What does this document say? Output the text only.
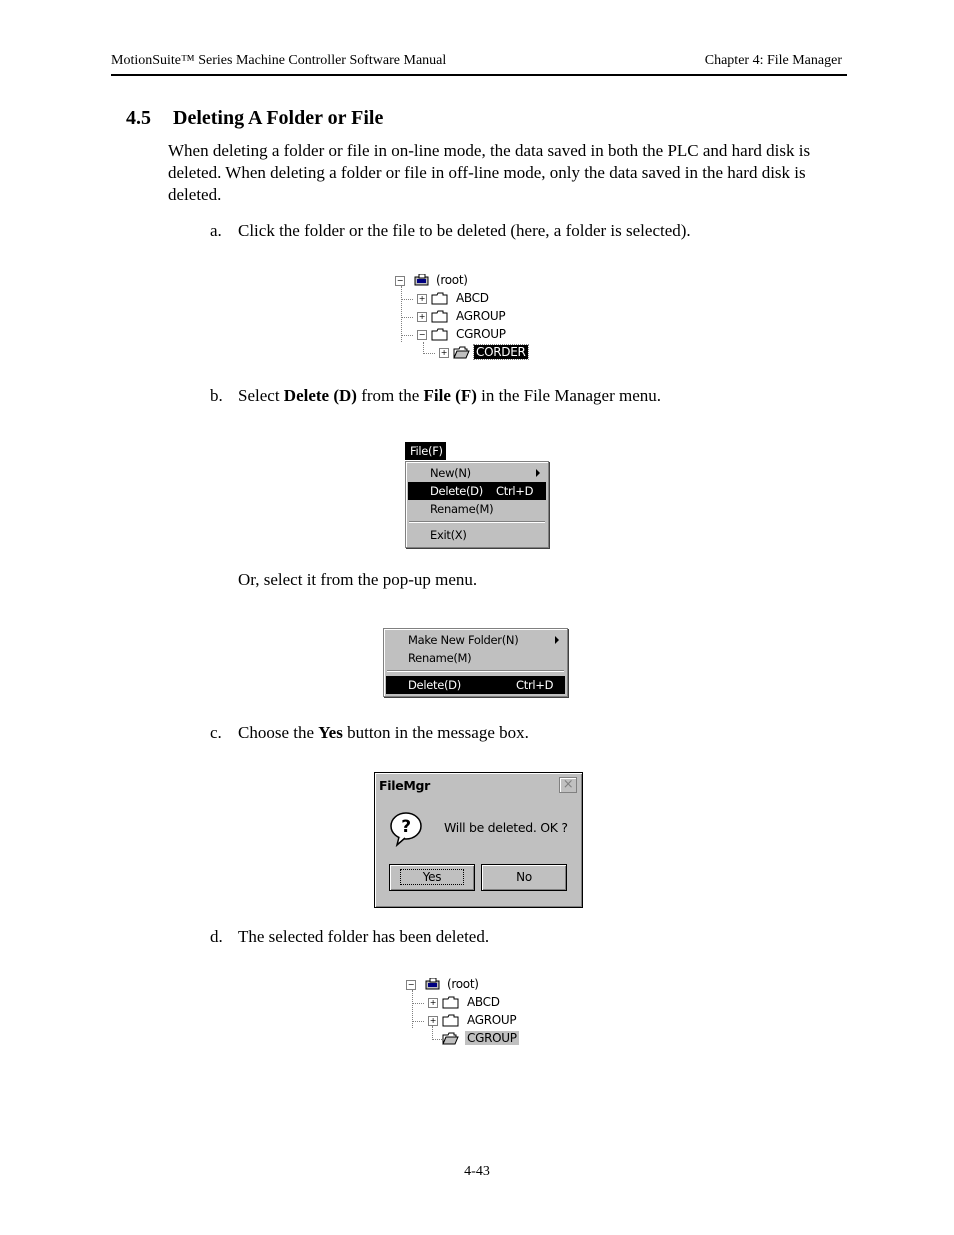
MotionSuite™ Series Machine Controller Software Manual	Chapter 4: File Manager
4.5 Deleting A Folder or File
When deleting a folder or file in on-line mode, the data saved in both the PLC and hard disk is deleted. When deleting a folder or file in off-line mode, only the data saved in the hard disk is deleted.
a. Click the folder or the file to be deleted (here, a folder is selected).
−	(root)
+	ABCD
+	AGROUP
−	CGROUP
+ CORDER
b. Select Delete (D) from the File (F) in the File Manager menu.
File(F)
New(N)
Delete(D) Ctrl+D
Rename(M)
Exit(X)
Or, select it from the pop-up menu.
Make New Folder(N)
Rename(M)
Delete(D)	Ctrl+D
c. Choose the Yes button in the message box.
FileMgr	×
?	Will be deleted. OK ?
Yes	No
d. The selected folder has been deleted.
−	(root)
+	ABCD
+	AGROUP
CGROUP
4-43
